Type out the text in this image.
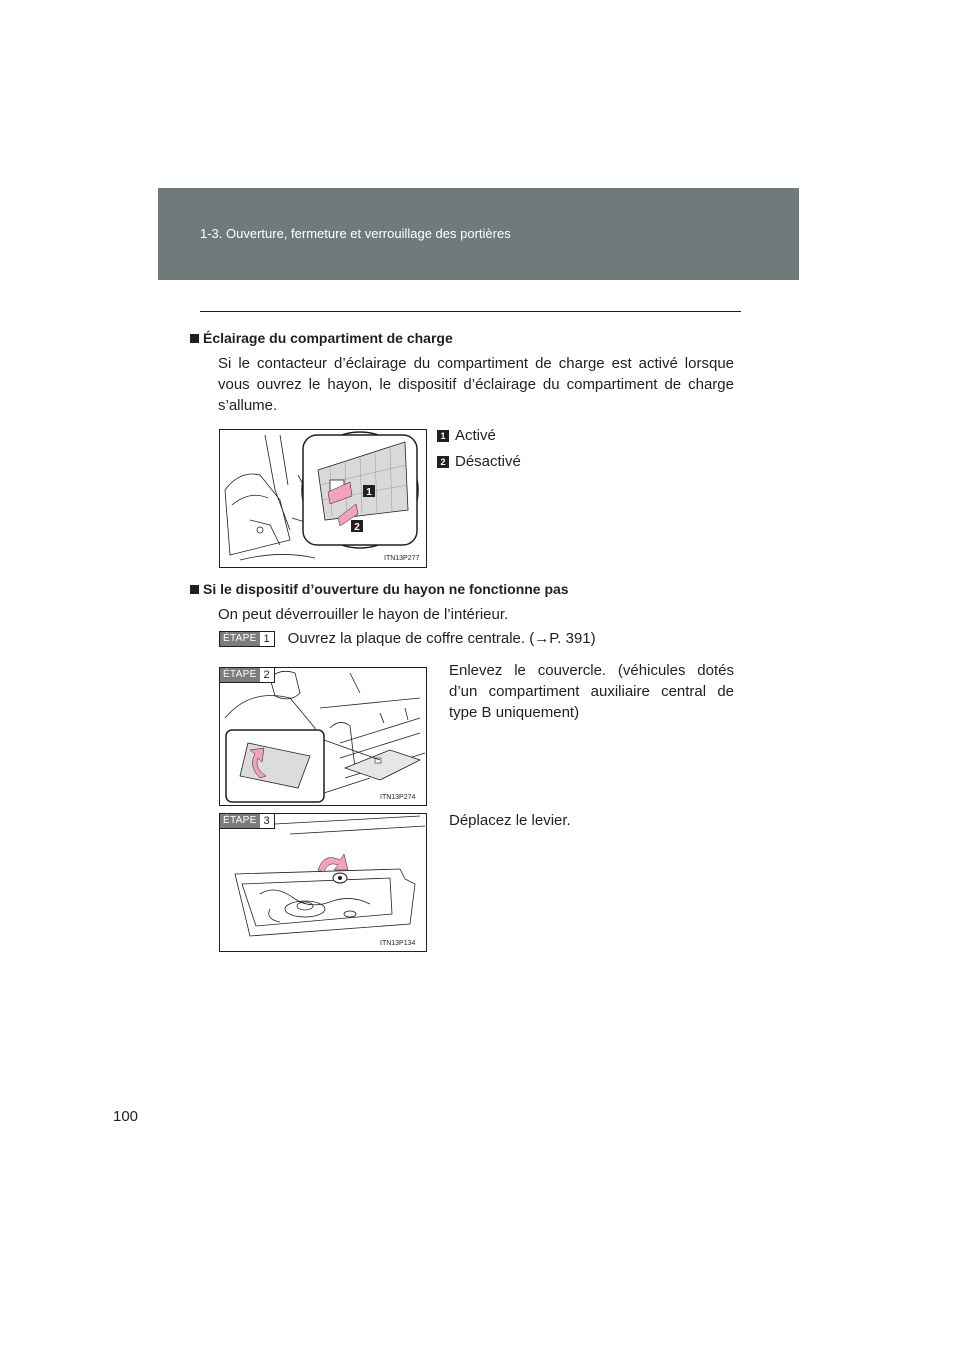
1-3. Ouverture, fermeture et verrouillage des portières
Éclairage du compartiment de charge
Si le contacteur d’éclairage du compartiment de charge est activé lorsque vous ouvrez le hayon, le dispositif d’éclairage du compartiment de charge s’allume.
1
2
ITN13P277
1 Activé
2 Désactivé
Si le dispositif d’ouverture du hayon ne fonctionne pas
On peut déverrouiller le hayon de l’intérieur.
ÉTAPE 1 Ouvrez la plaque de coffre centrale. (→P. 391)
ÉTAPE 2
ITN13P274
Enlevez le couvercle. (véhicules dotés d’un compartiment auxiliaire central de type B uniquement)
ÉTAPE 3
ITN13P134
Déplacez le levier.
100
